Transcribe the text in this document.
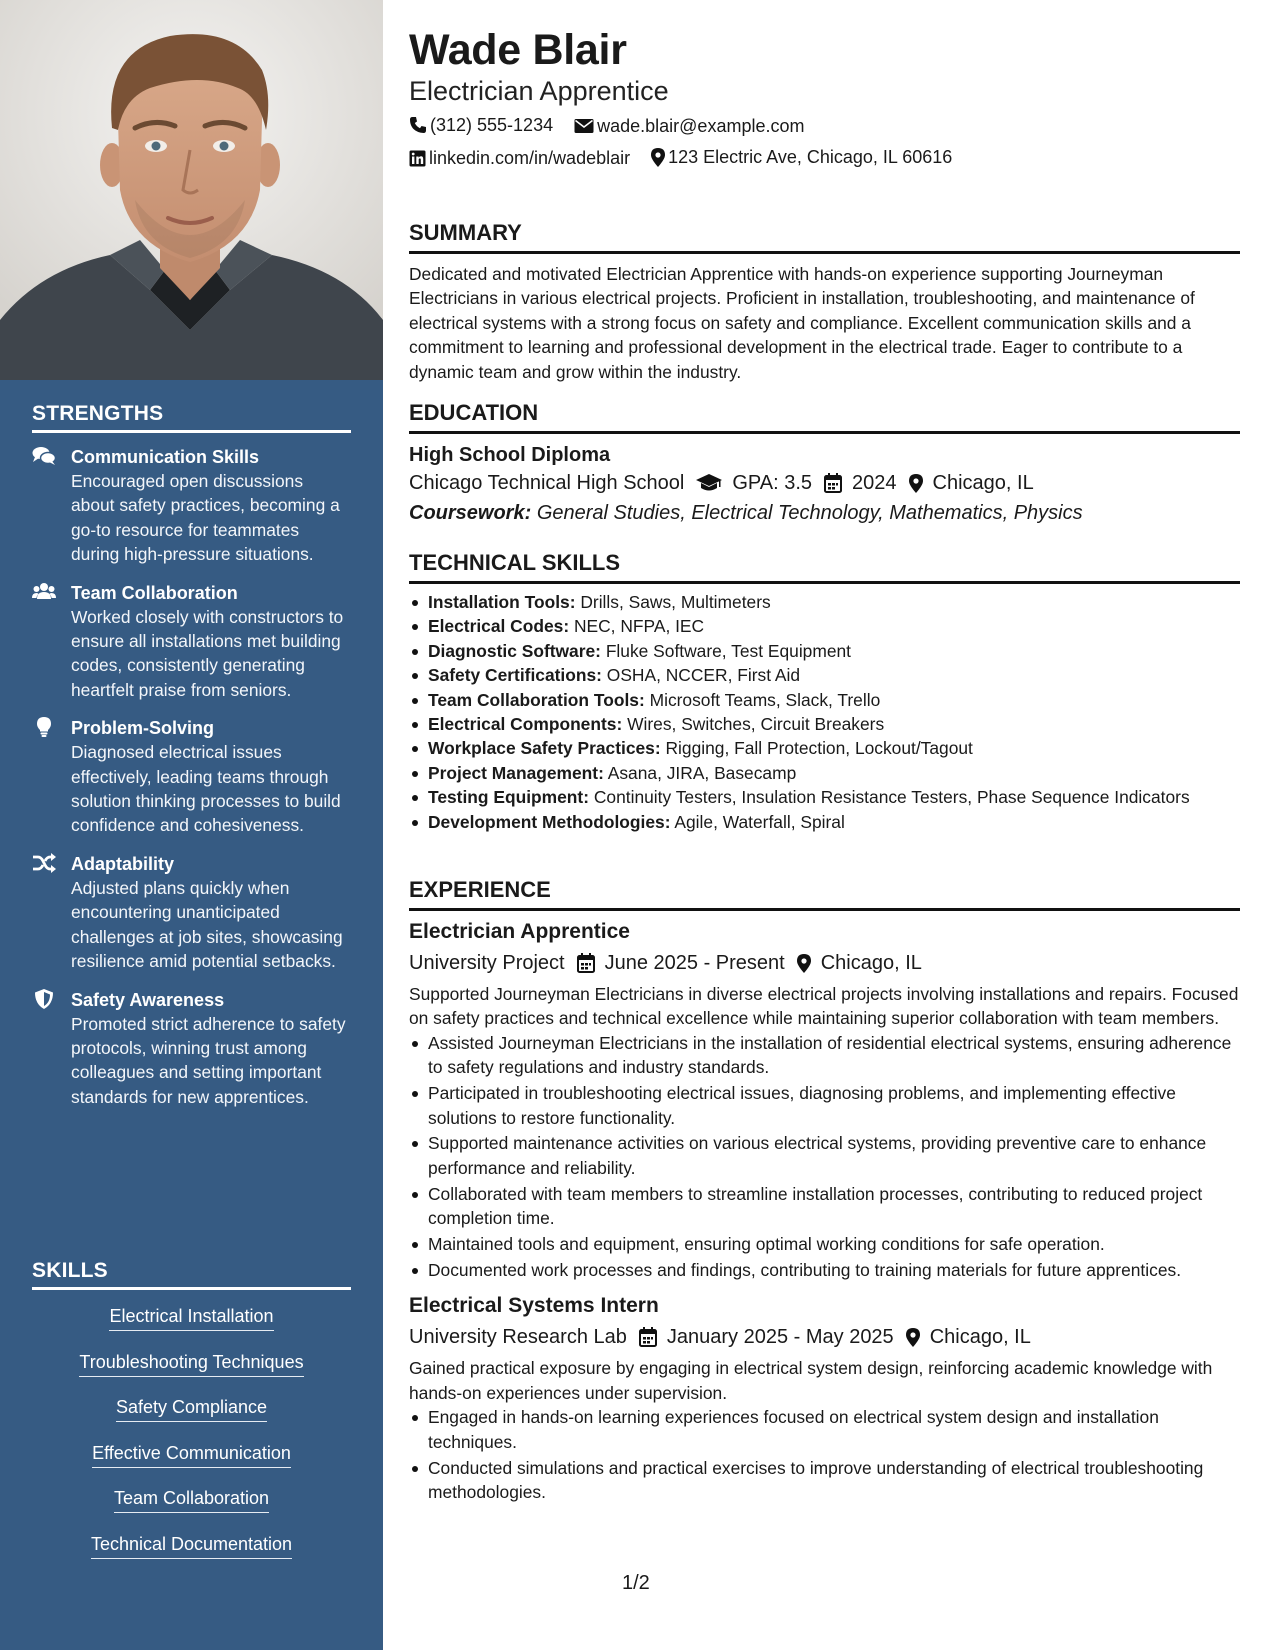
STRENGTHS
Communication Skills
Encouraged open discussions about safety practices, becoming a go-to resource for teammates during high-pressure situations.
Team Collaboration
Worked closely with constructors to ensure all installations met building codes, consistently generating heartfelt praise from seniors.
Problem-Solving
Diagnosed electrical issues effectively, leading teams through solution thinking processes to build confidence and cohesiveness.
Adaptability
Adjusted plans quickly when encountering unanticipated challenges at job sites, showcasing resilience amid potential setbacks.
Safety Awareness
Promoted strict adherence to safety protocols, winning trust among colleagues and setting important standards for new apprentices.
SKILLS
Electrical Installation
Troubleshooting Techniques
Safety Compliance
Effective Communication
Team Collaboration
Technical Documentation
Wade Blair
Electrician Apprentice
(312) 555-1234
wade.blair@example.com
linkedin.com/in/wadeblair
123 Electric Ave, Chicago, IL 60616
SUMMARY
Dedicated and motivated Electrician Apprentice with hands-on experience supporting Journeyman Electricians in various electrical projects. Proficient in installation, troubleshooting, and maintenance of electrical systems with a strong focus on safety and compliance. Excellent communication skills and a commitment to learning and professional development in the electrical trade. Eager to contribute to a dynamic team and grow within the industry.
EDUCATION
High School Diploma
Chicago Technical High School GPA: 3.5 2024 Chicago, IL
Coursework: General Studies, Electrical Technology, Mathematics, Physics
TECHNICAL SKILLS
Installation Tools: Drills, Saws, Multimeters
Electrical Codes: NEC, NFPA, IEC
Diagnostic Software: Fluke Software, Test Equipment
Safety Certifications: OSHA, NCCER, First Aid
Team Collaboration Tools: Microsoft Teams, Slack, Trello
Electrical Components: Wires, Switches, Circuit Breakers
Workplace Safety Practices: Rigging, Fall Protection, Lockout/Tagout
Project Management: Asana, JIRA, Basecamp
Testing Equipment: Continuity Testers, Insulation Resistance Testers, Phase Sequence Indicators
Development Methodologies: Agile, Waterfall, Spiral
EXPERIENCE
Electrician Apprentice
University Project June 2025 - Present Chicago, IL
Supported Journeyman Electricians in diverse electrical projects involving installations and repairs. Focused on safety practices and technical excellence while maintaining superior collaboration with team members.
Assisted Journeyman Electricians in the installation of residential electrical systems, ensuring adherence to safety regulations and industry standards.
Participated in troubleshooting electrical issues, diagnosing problems, and implementing effective solutions to restore functionality.
Supported maintenance activities on various electrical systems, providing preventive care to enhance performance and reliability.
Collaborated with team members to streamline installation processes, contributing to reduced project completion time.
Maintained tools and equipment, ensuring optimal working conditions for safe operation.
Documented work processes and findings, contributing to training materials for future apprentices.
Electrical Systems Intern
University Research Lab January 2025 - May 2025 Chicago, IL
Gained practical exposure by engaging in electrical system design, reinforcing academic knowledge with hands-on experiences under supervision.
Engaged in hands-on learning experiences focused on electrical system design and installation techniques.
Conducted simulations and practical exercises to improve understanding of electrical troubleshooting methodologies.
1/2
